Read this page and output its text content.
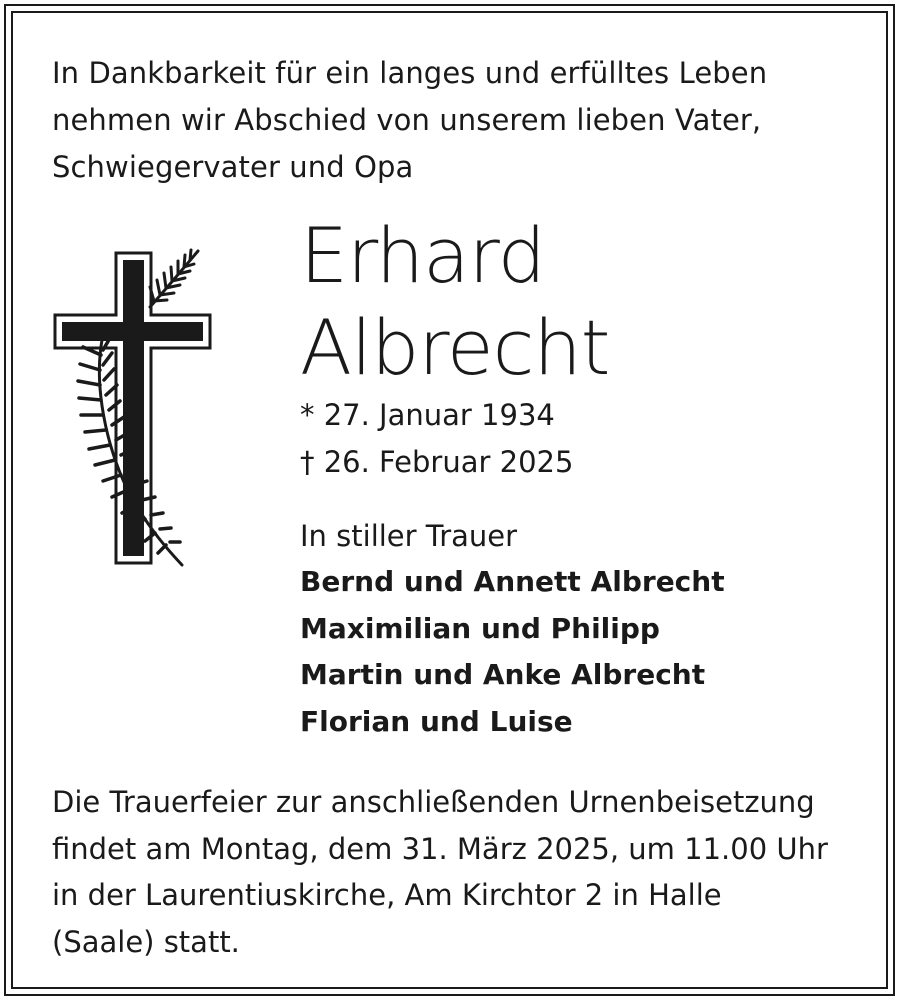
In Dankbarkeit für ein langes und erfülltes Leben
nehmen wir Abschied von unserem lieben Vater,
Schwiegervater und Opa
Erhard
Albrecht
* 27. Januar 1934
† 26. Februar 2025
In stiller Trauer
Bernd und Annett Albrecht
Maximilian und Philipp
Martin und Anke Albrecht
Florian und Luise
Die Trauerfeier zur anschließenden Urnenbeisetzung
findet am Montag, dem 31. März 2025, um 11.00 Uhr
in der Laurentiuskirche, Am Kirchtor 2 in Halle
(Saale) statt.
